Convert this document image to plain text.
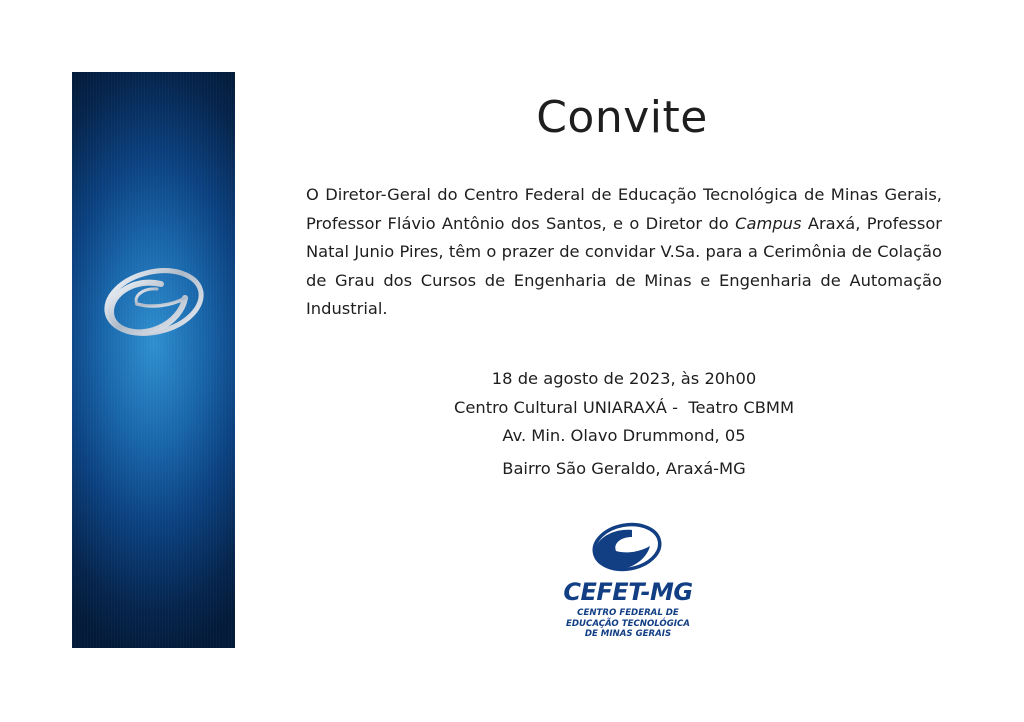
Convite

O Diretor-Geral do Centro Federal de Educação Tecnológica de Minas Gerais, Professor Flávio Antônio dos Santos, e o Diretor do Campus Araxá, Professor Natal Junio Pires, têm o prazer de convidar V.Sa. para a Cerimônia de Colação de Grau dos Cursos de Engenharia de Minas e Engenharia de Automação Industrial.

18 de agosto de 2023, às 20h00
Centro Cultural UNIARAXÁ -  Teatro CBMM
Av. Min. Olavo Drummond, 05
Bairro São Geraldo, Araxá-MG
CEFET-MG
CENTRO FEDERAL DE
EDUCAÇÃO TECNOLÓGICA
DE MINAS GERAIS
